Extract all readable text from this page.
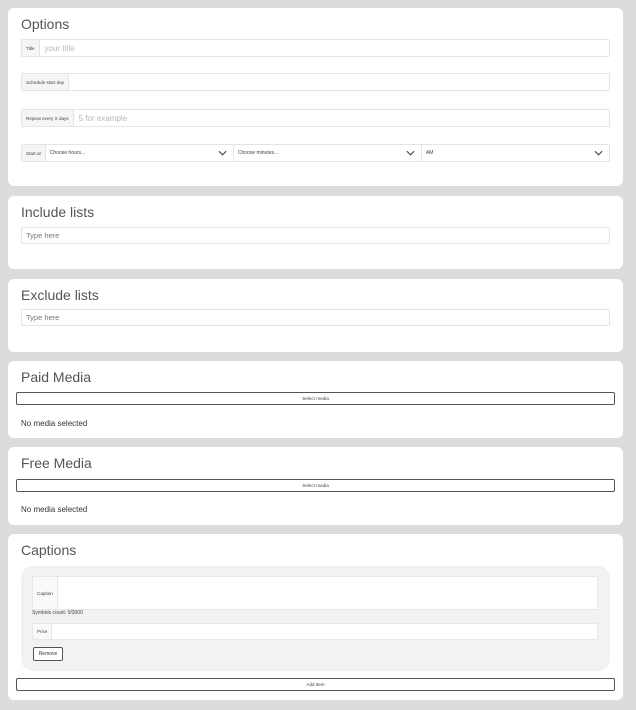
Options
Title	your title
Schedule start day
Repeat every X days	5 for example
Start at	Choose hours...	Choose minutes...	AM
Include lists
Type here
Exclude lists
Type here
Paid Media
Select media
No media selected
Free Media
Select media
No media selected
Captions
Caption
Symbols count: 0/3000
Price
Remove
Add item
